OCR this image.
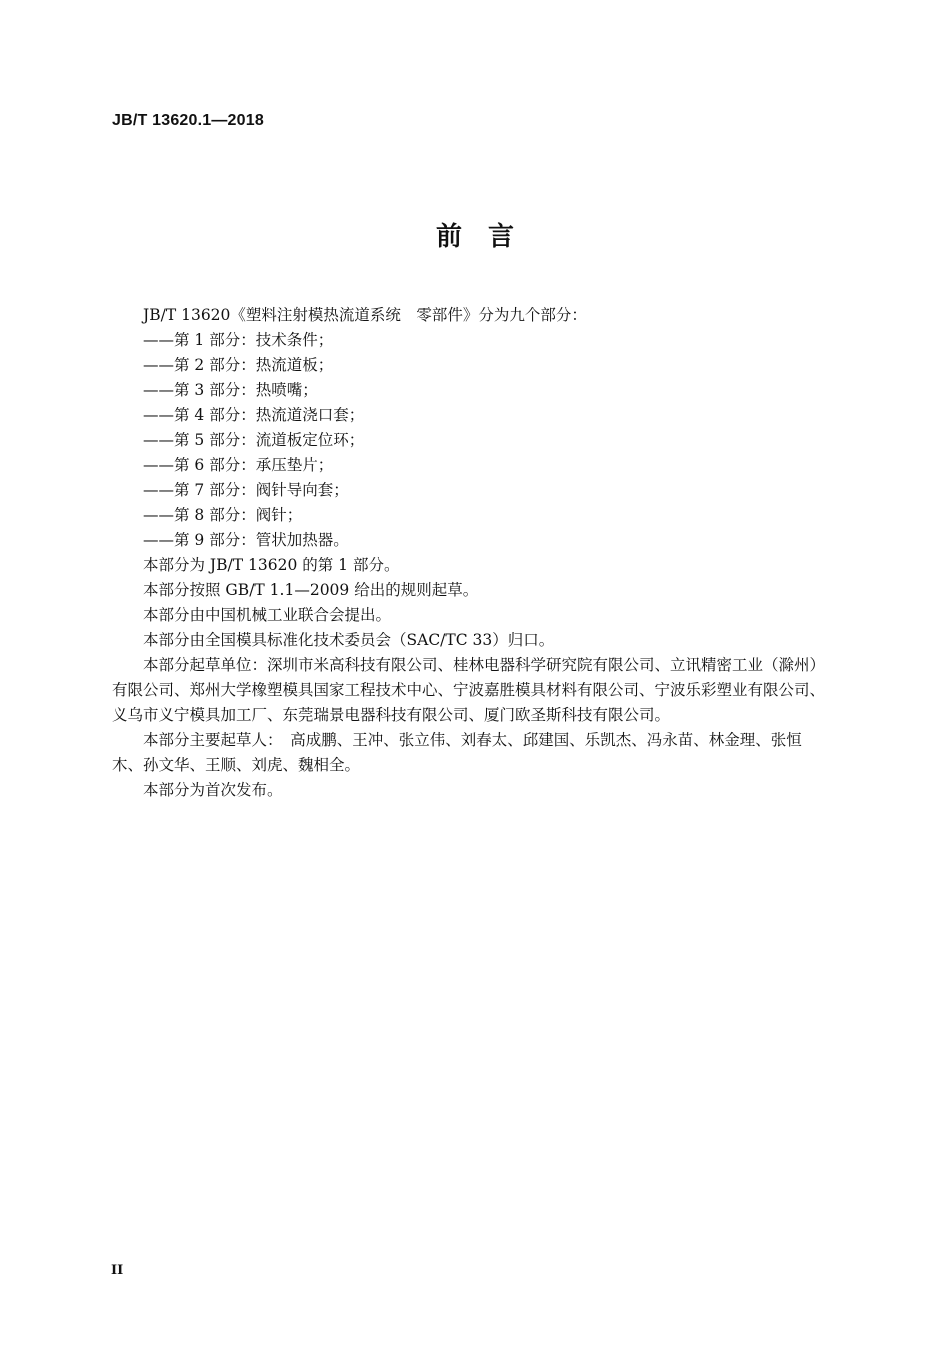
JB/T 13620.1—2018
前　言

JB/T 13620《塑料注射模热流道系统　零部件》分为九个部分：

——第 1 部分：技术条件；
——第 2 部分：热流道板；
——第 3 部分：热喷嘴；
——第 4 部分：热流道浇口套；
——第 5 部分：流道板定位环；
——第 6 部分：承压垫片；
——第 7 部分：阀针导向套；
——第 8 部分：阀针；
——第 9 部分：管状加热器。

本部分为 JB/T 13620 的第 1 部分。

本部分按照 GB/T 1.1—2009 给出的规则起草。

本部分由中国机械工业联合会提出。

本部分由全国模具标准化技术委员会（SAC/TC 33）归口。

本部分起草单位：深圳市米高科技有限公司、桂林电器科学研究院有限公司、立讯精密工业（滁州）
有限公司、郑州大学橡塑模具国家工程技术中心、宁波嘉胜模具材料有限公司、宁波乐彩塑业有限公司、
义乌市义宁模具加工厂、东莞瑞景电器科技有限公司、厦门欧圣斯科技有限公司。

本部分主要起草人：　高成鹏、王冲、张立伟、刘春太、邱建国、乐凯杰、冯永苗、林金理、张恒
木、孙文华、王顺、刘虎、魏相全。

本部分为首次发布。

II
